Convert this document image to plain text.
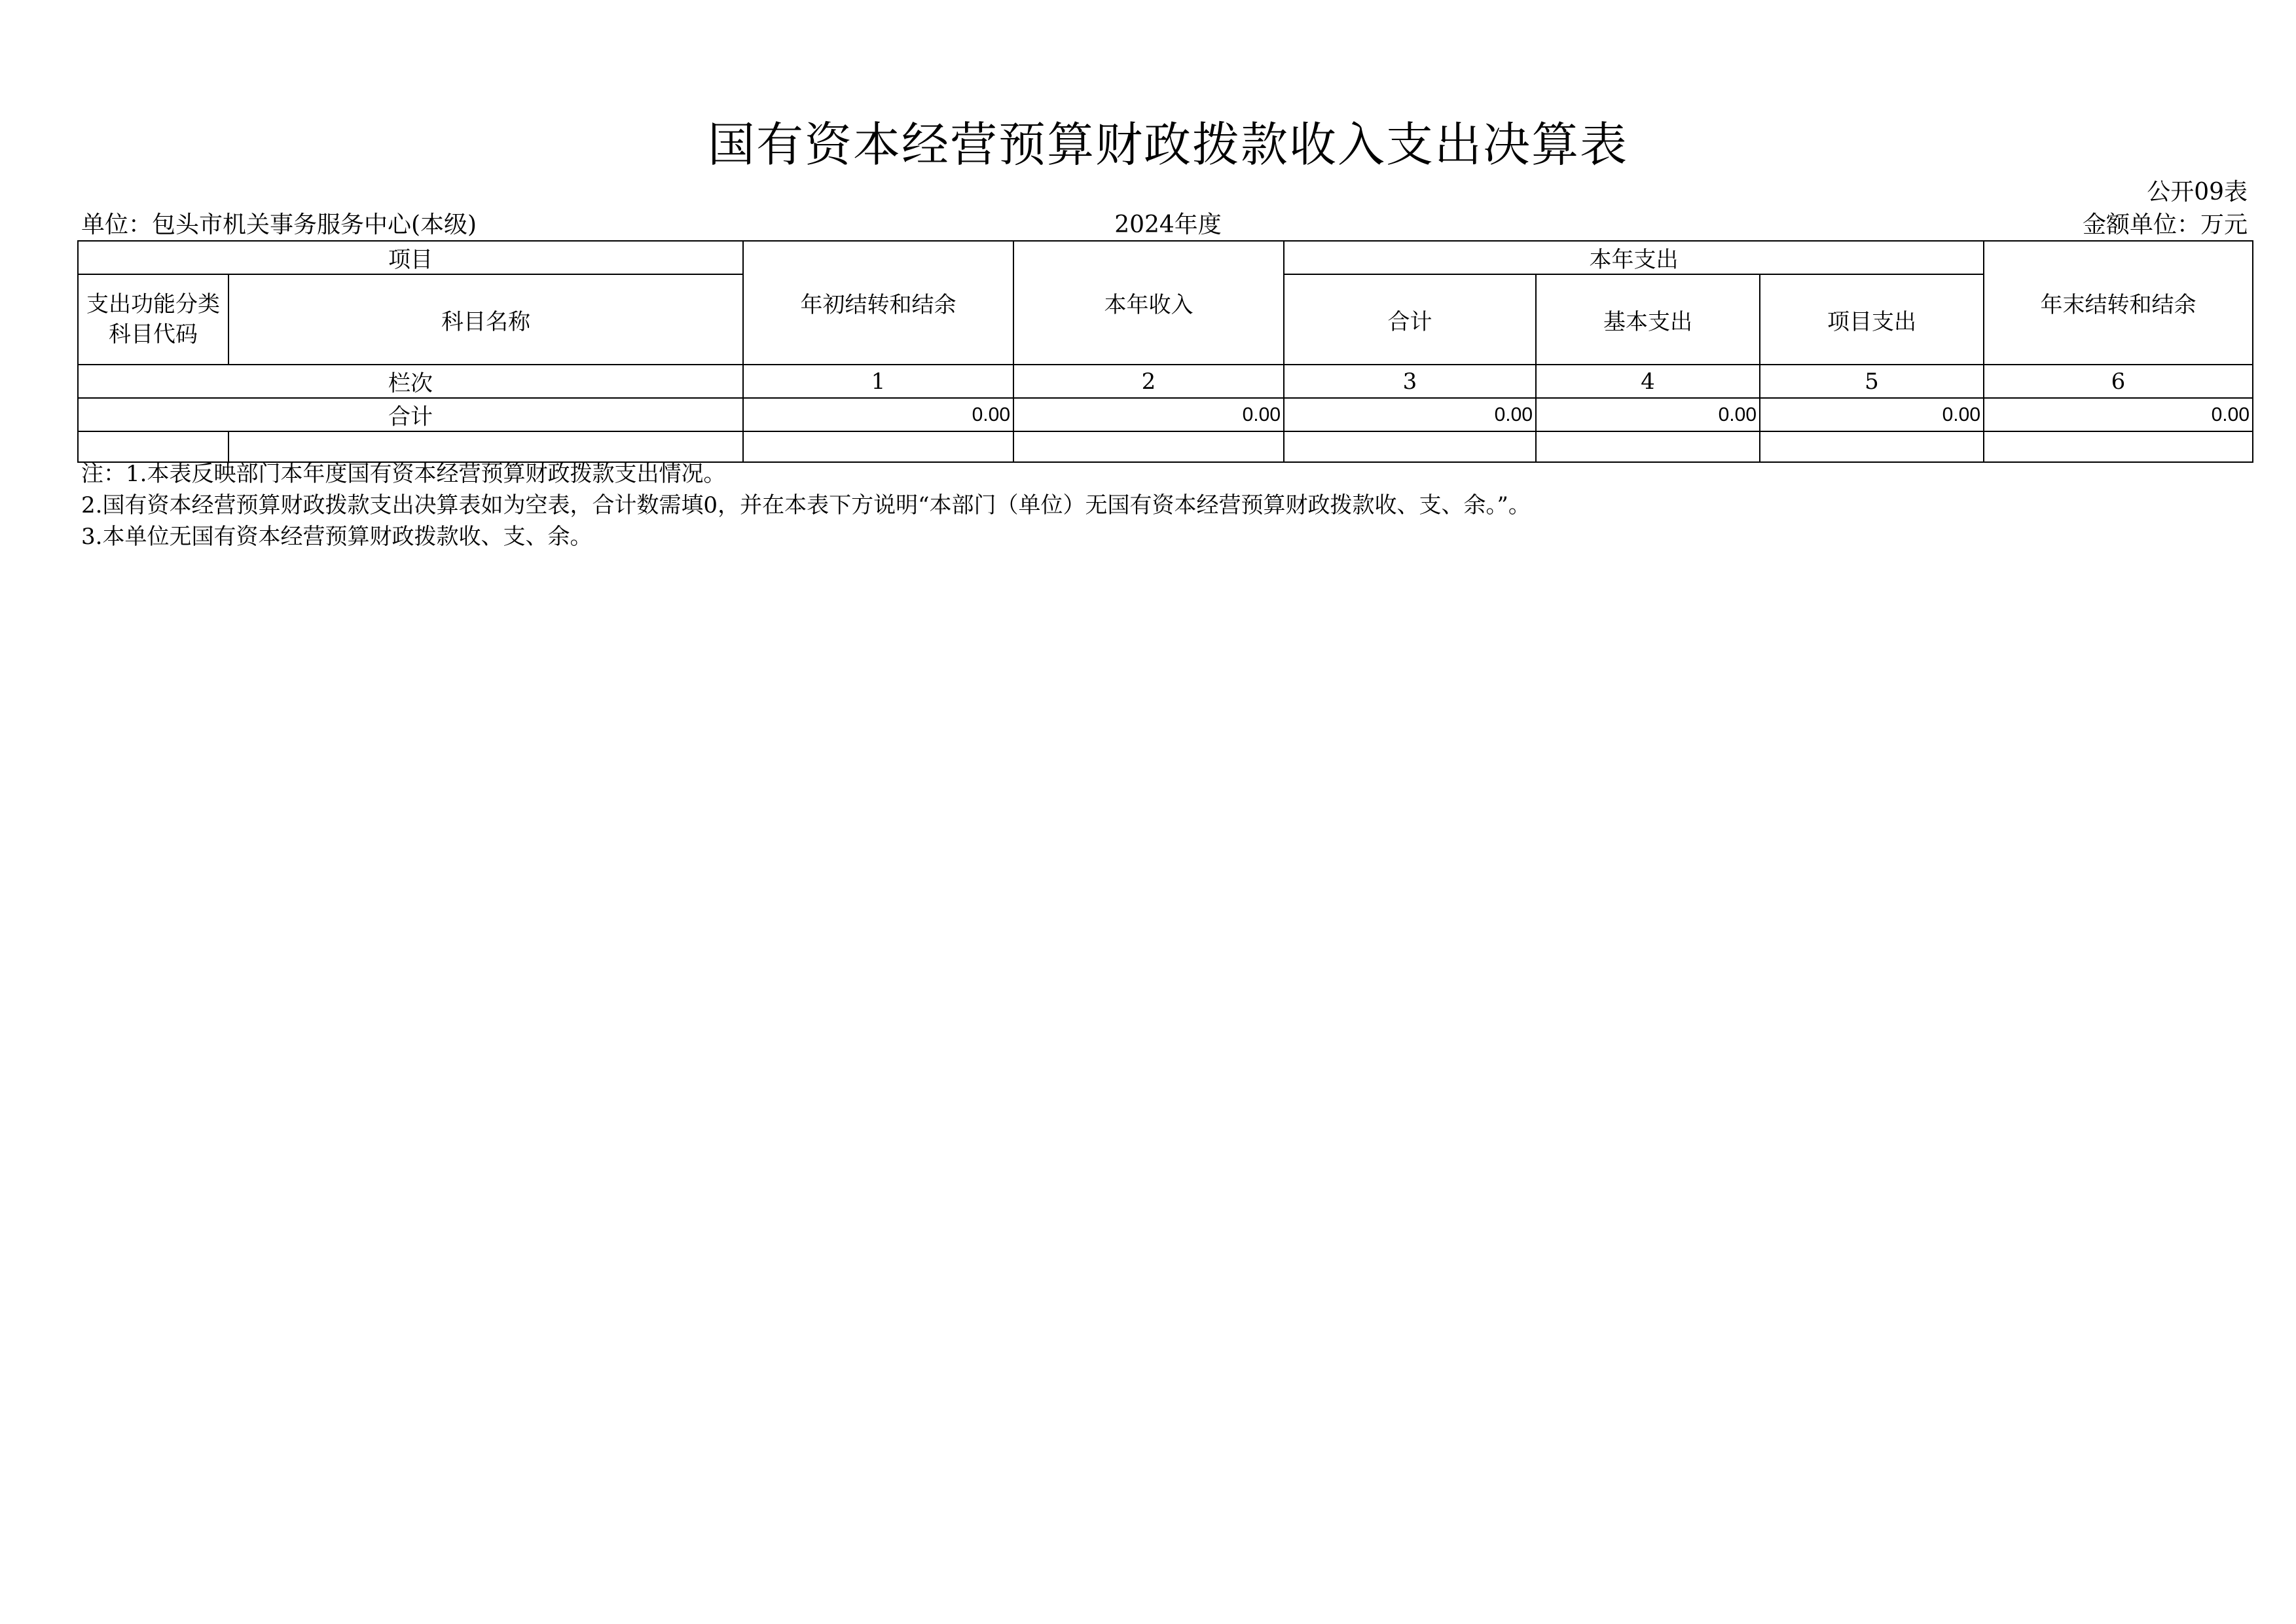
国有资本经营预算财政拨款收入支出决算表
公开09表
单位：包头市机关事务服务中心(本级)	2024年度	金额单位：万元
项目		年初结转和结余	本年收入	本年支出			年末结转和结余
支出功能分类科目代码	科目名称			合计	基本支出	项目支出	
栏次		1	2	3	4	5	6
合计		0.00	0.00	0.00	0.00	0.00	0.00

注：1.本表反映部门本年度国有资本经营预算财政拨款支出情况。
2.国有资本经营预算财政拨款支出决算表如为空表，合计数需填0，并在本表下方说明“本部门（单位）无国有资本经营预算财政拨款收、支、余。”。
3.本单位无国有资本经营预算财政拨款收、支、余。
